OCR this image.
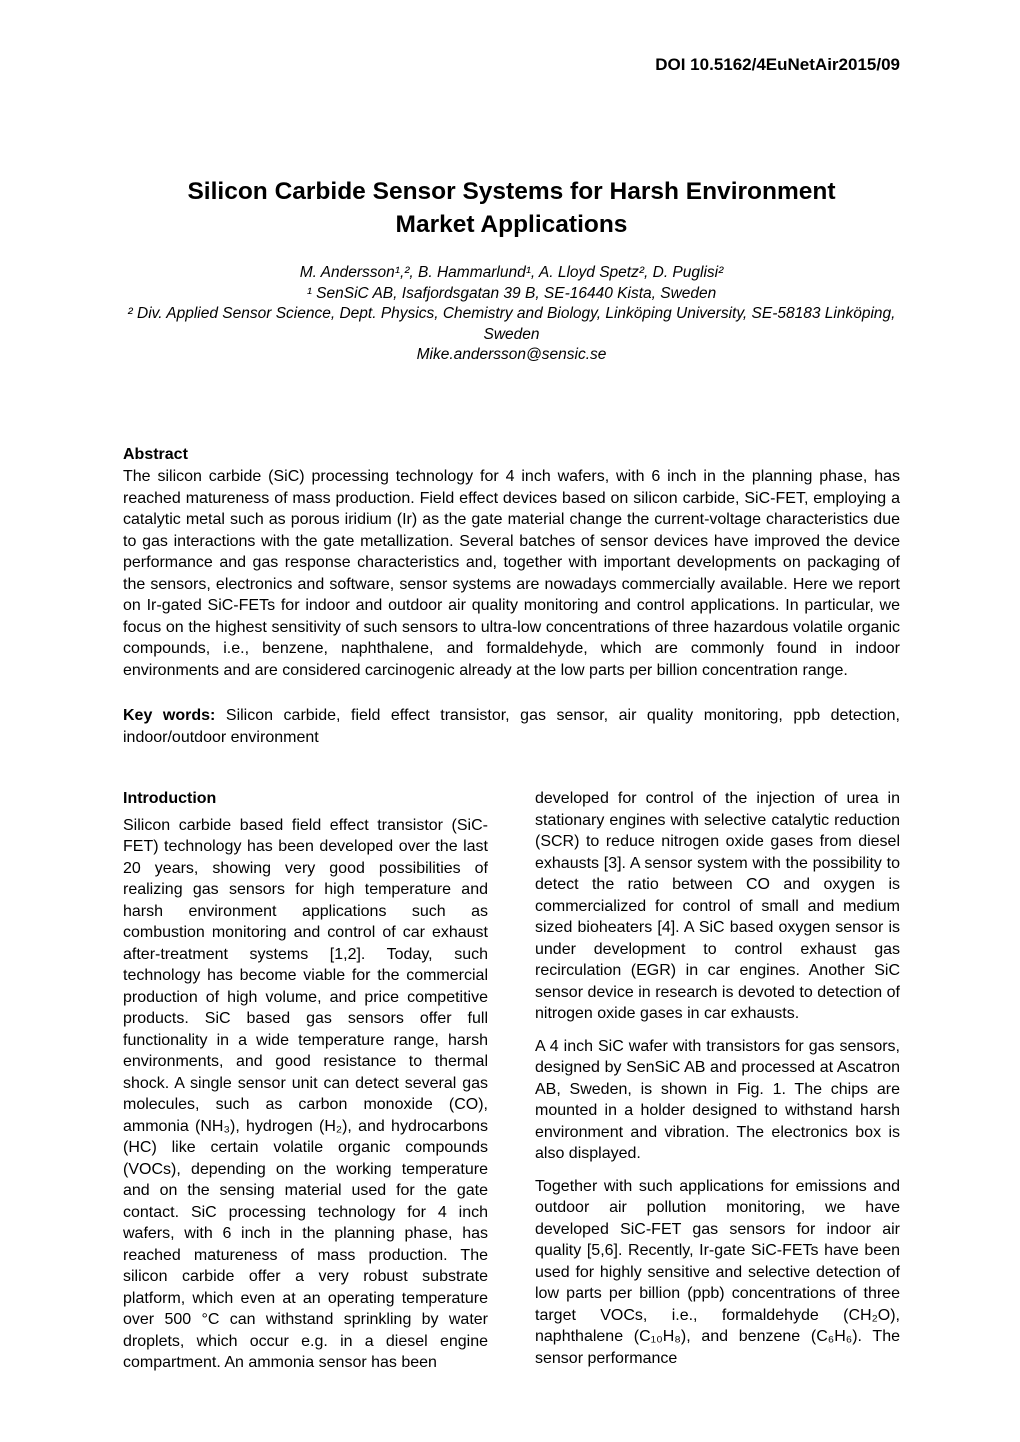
DOI 10.5162/4EuNetAir2015/09
Silicon Carbide Sensor Systems for Harsh Environment Market Applications

M. Andersson¹,², B. Hammarlund¹, A. Lloyd Spetz², D. Puglisi²

¹ SenSiC AB, Isafjordsgatan 39 B, SE-16440 Kista, Sweden

² Div. Applied Sensor Science, Dept. Physics, Chemistry and Biology, Linköping University, SE-58183 Linköping, Sweden

Mike.andersson@sensic.se

Abstract

The silicon carbide (SiC) processing technology for 4 inch wafers, with 6 inch in the planning phase, has reached matureness of mass production. Field effect devices based on silicon carbide, SiC-FET, employing a catalytic metal such as porous iridium (Ir) as the gate material change the current-voltage characteristics due to gas interactions with the gate metallization. Several batches of sensor devices have improved the device performance and gas response characteristics and, together with important developments on packaging of the sensors, electronics and software, sensor systems are nowadays commercially available. Here we report on Ir-gated SiC-FETs for indoor and outdoor air quality monitoring and control applications. In particular, we focus on the highest sensitivity of such sensors to ultra-low concentrations of three hazardous volatile organic compounds, i.e., benzene, naphthalene, and formaldehyde, which are commonly found in indoor environments and are considered carcinogenic already at the low parts per billion concentration range.

Key words: Silicon carbide, field effect transistor, gas sensor, air quality monitoring, ppb detection, indoor/outdoor environment

Introduction

Silicon carbide based field effect transistor (SiC-FET) technology has been developed over the last 20 years, showing very good possibilities of realizing gas sensors for high temperature and harsh environment applications such as combustion monitoring and control of car exhaust after-treatment systems [1,2]. Today, such technology has become viable for the commercial production of high volume, and price competitive products. SiC based gas sensors offer full functionality in a wide temperature range, harsh environments, and good resistance to thermal shock. A single sensor unit can detect several gas molecules, such as carbon monoxide (CO), ammonia (NH₃), hydrogen (H₂), and hydrocarbons (HC) like certain volatile organic compounds (VOCs), depending on the working temperature and on the sensing material used for the gate contact. SiC processing technology for 4 inch wafers, with 6 inch in the planning phase, has reached matureness of mass production. The silicon carbide offer a very robust substrate platform, which even at an operating temperature over 500 °C can withstand sprinkling by water droplets, which occur e.g. in a diesel engine compartment. An ammonia sensor has been

developed for control of the injection of urea in stationary engines with selective catalytic reduction (SCR) to reduce nitrogen oxide gases from diesel exhausts [3]. A sensor system with the possibility to detect the ratio between CO and oxygen is commercialized for control of small and medium sized bioheaters [4]. A SiC based oxygen sensor is under development to control exhaust gas recirculation (EGR) in car engines. Another SiC sensor device in research is devoted to detection of nitrogen oxide gases in car exhausts.

A 4 inch SiC wafer with transistors for gas sensors, designed by SenSiC AB and processed at Ascatron AB, Sweden, is shown in Fig. 1. The chips are mounted in a holder designed to withstand harsh environment and vibration. The electronics box is also displayed.

Together with such applications for emissions and outdoor air pollution monitoring, we have developed SiC-FET gas sensors for indoor air quality [5,6]. Recently, Ir-gate SiC-FETs have been used for highly sensitive and selective detection of low parts per billion (ppb) concentrations of three target VOCs, i.e., formaldehyde (CH₂O), naphthalene (C₁₀H₈), and benzene (C₆H₆). The sensor performance
